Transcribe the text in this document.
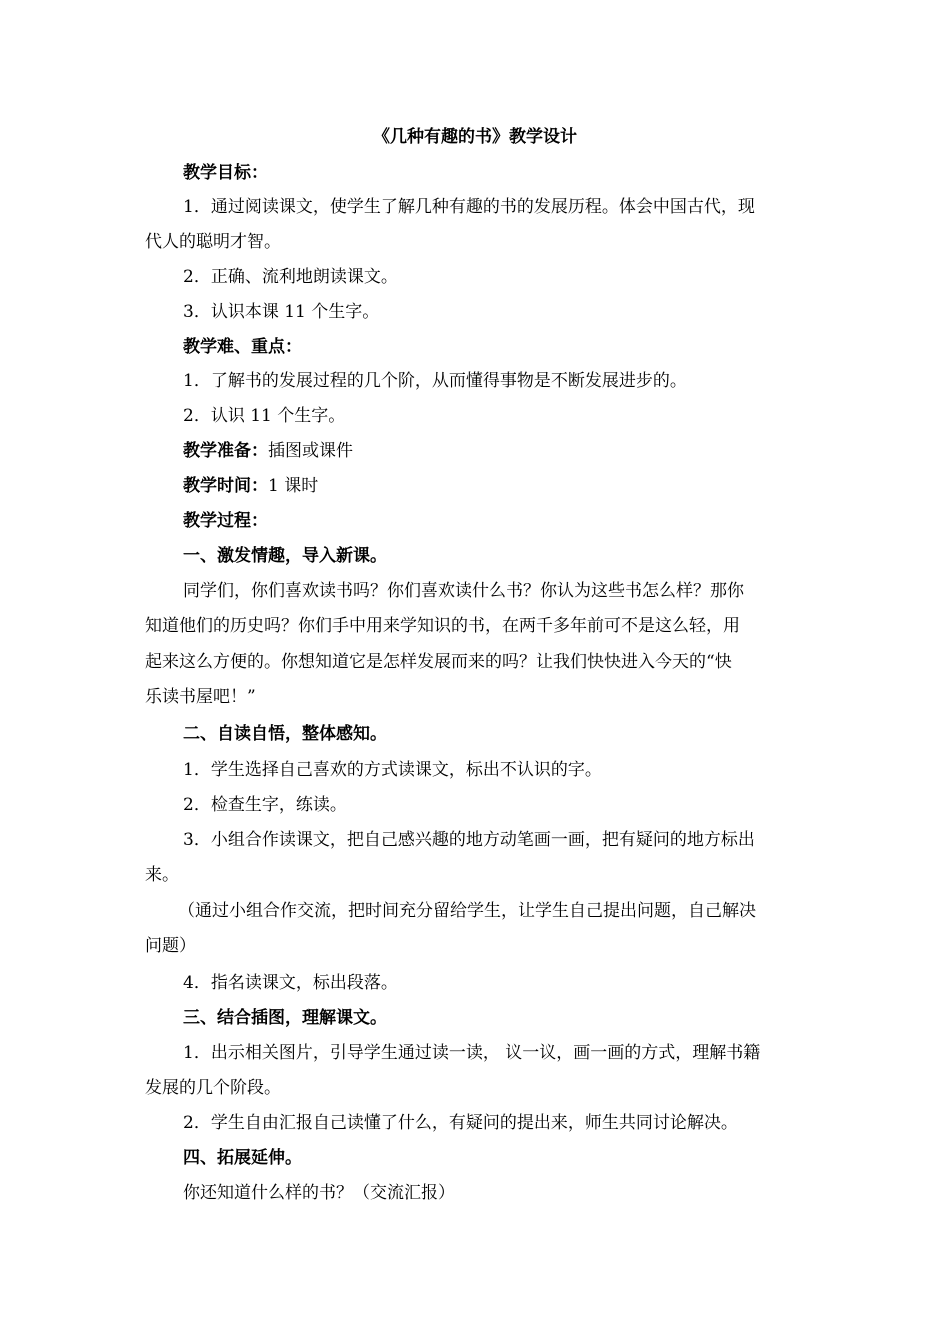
《几种有趣的书》教学设计
教学目标：
1．通过阅读课文，使学生了解几种有趣的书的发展历程。体会中国古代，现
代人的聪明才智。
2．正确、流利地朗读课文。
3．认识本课 11 个生字。
教学难、重点：
1．了解书的发展过程的几个阶，从而懂得事物是不断发展进步的。
2．认识 11 个生字。
教学准备：插图或课件
教学时间：1 课时
教学过程：
一、激发情趣，导入新课。
同学们，你们喜欢读书吗？你们喜欢读什么书？你认为这些书怎么样？那你
知道他们的历史吗？你们手中用来学知识的书，在两千多年前可不是这么轻，用
起来这么方便的。你想知道它是怎样发展而来的吗？让我们快快进入今天的“快
乐读书屋吧！”
二、自读自悟，整体感知。
1．学生选择自己喜欢的方式读课文，标出不认识的字。
2．检查生字，练读。
3．小组合作读课文，把自己感兴趣的地方动笔画一画，把有疑问的地方标出
来。
（通过小组合作交流，把时间充分留给学生，让学生自己提出问题，自己解决
问题）
4．指名读课文，标出段落。
三、结合插图，理解课文。
1．出示相关图片，引导学生通过读一读， 议一议，画一画的方式，理解书籍
发展的几个阶段。
2．学生自由汇报自己读懂了什么，有疑问的提出来，师生共同讨论解决。
四、拓展延伸。
你还知道什么样的书？（交流汇报）
